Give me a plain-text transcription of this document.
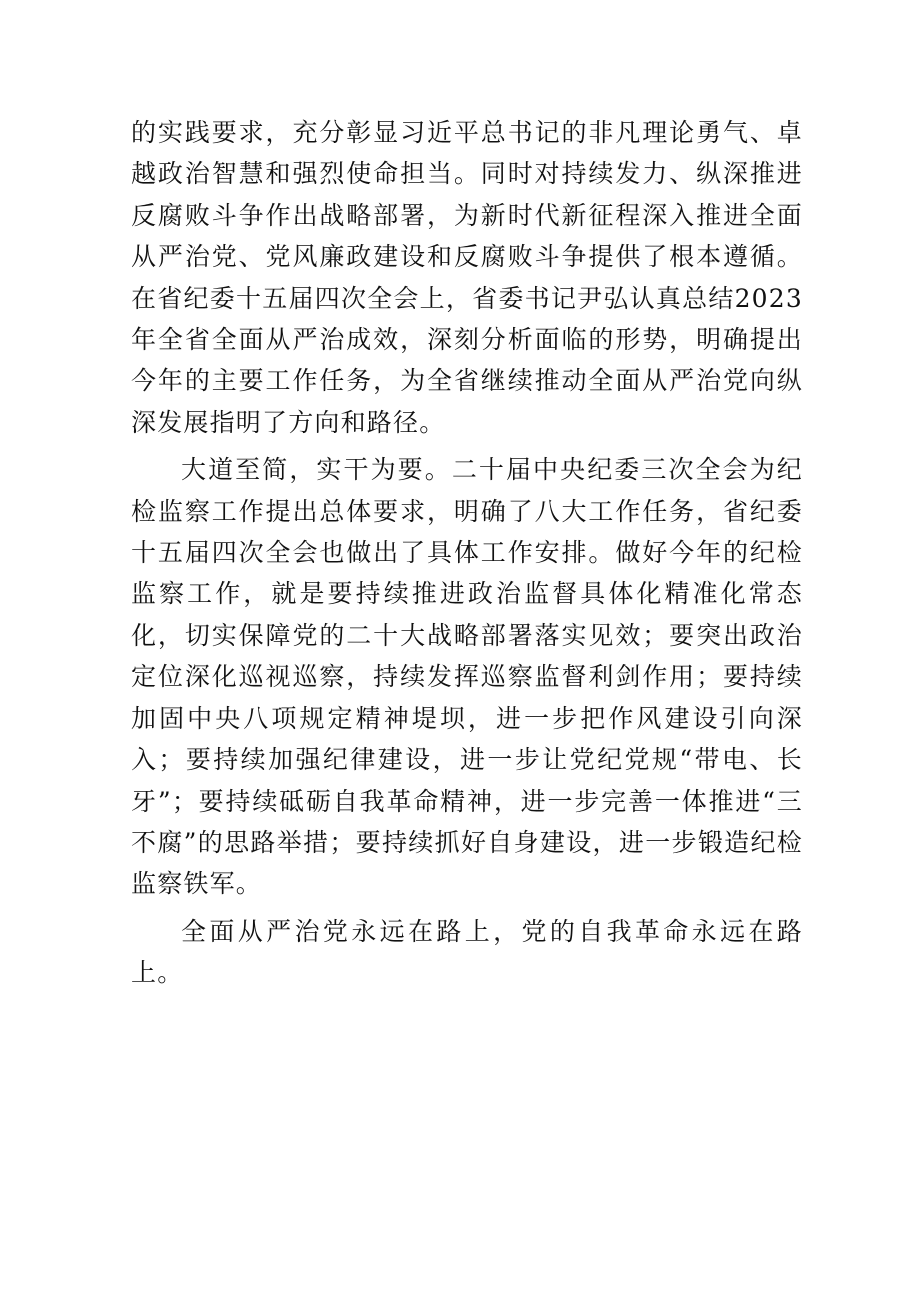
的实践要求，充分彰显习近平总书记的非凡理论勇气、卓越政治智慧和强烈使命担当。同时对持续发力、纵深推进反腐败斗争作出战略部署，为新时代新征程深入推进全面从严治党、党风廉政建设和反腐败斗争提供了根本遵循。在省纪委十五届四次全会上，省委书记尹弘认真总结2023年全省全面从严治成效，深刻分析面临的形势，明确提出今年的主要工作任务，为全省继续推动全面从严治党向纵深发展指明了方向和路径。

大道至简，实干为要。二十届中央纪委三次全会为纪检监察工作提出总体要求，明确了八大工作任务，省纪委十五届四次全会也做出了具体工作安排。做好今年的纪检监察工作，就是要持续推进政治监督具体化精准化常态化，切实保障党的二十大战略部署落实见效；要突出政治定位深化巡视巡察，持续发挥巡察监督利剑作用；要持续加固中央八项规定精神堤坝，进一步把作风建设引向深入；要持续加强纪律建设，进一步让党纪党规“带电、长牙”；要持续砥砺自我革命精神，进一步完善一体推进“三不腐”的思路举措；要持续抓好自身建设，进一步锻造纪检监察铁军。

全面从严治党永远在路上，党的自我革命永远在路上。
